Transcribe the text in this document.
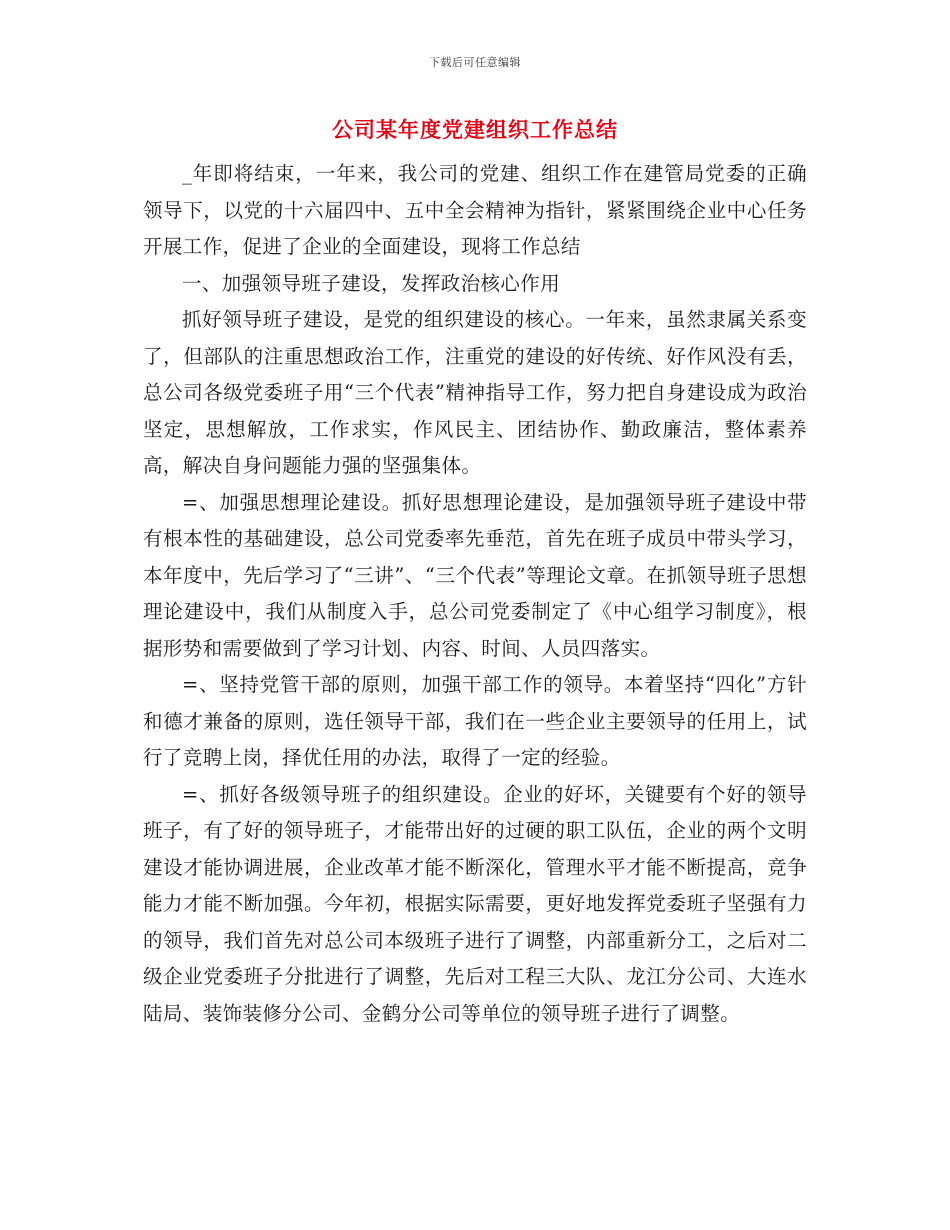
下载后可任意编辑
公司某年度党建组织工作总结

_年即将结束，一年来，我公司的党建、组织工作在建管局党委的正确领导下，以党的十六届四中、五中全会精神为指针，紧紧围绕企业中心任务开展工作，促进了企业的全面建设，现将工作总结

一、加强领导班子建设，发挥政治核心作用

抓好领导班子建设，是党的组织建设的核心。一年来，虽然隶属关系变了，但部队的注重思想政治工作，注重党的建设的好传统、好作风没有丢，总公司各级党委班子用“三个代表”精神指导工作，努力把自身建设成为政治坚定，思想解放，工作求实，作风民主、团结协作、勤政廉洁，整体素养高，解决自身问题能力强的坚强集体。

=、加强思想理论建设。抓好思想理论建设，是加强领导班子建设中带有根本性的基础建设，总公司党委率先垂范，首先在班子成员中带头学习，本年度中，先后学习了“三讲”、“三个代表”等理论文章。在抓领导班子思想理论建设中，我们从制度入手，总公司党委制定了《中心组学习制度》，根据形势和需要做到了学习计划、内容、时间、人员四落实。

=、坚持党管干部的原则，加强干部工作的领导。本着坚持“四化”方针和德才兼备的原则，选任领导干部，我们在一些企业主要领导的任用上，试行了竞聘上岗，择优任用的办法，取得了一定的经验。

=、抓好各级领导班子的组织建设。企业的好坏，关键要有个好的领导班子，有了好的领导班子，才能带出好的过硬的职工队伍，企业的两个文明建设才能协调进展，企业改革才能不断深化，管理水平才能不断提高，竞争能力才能不断加强。今年初，根据实际需要，更好地发挥党委班子坚强有力的领导，我们首先对总公司本级班子进行了调整，内部重新分工，之后对二级企业党委班子分批进行了调整，先后对工程三大队、龙江分公司、大连水陆局、装饰装修分公司、金鹤分公司等单位的领导班子进行了调整。
